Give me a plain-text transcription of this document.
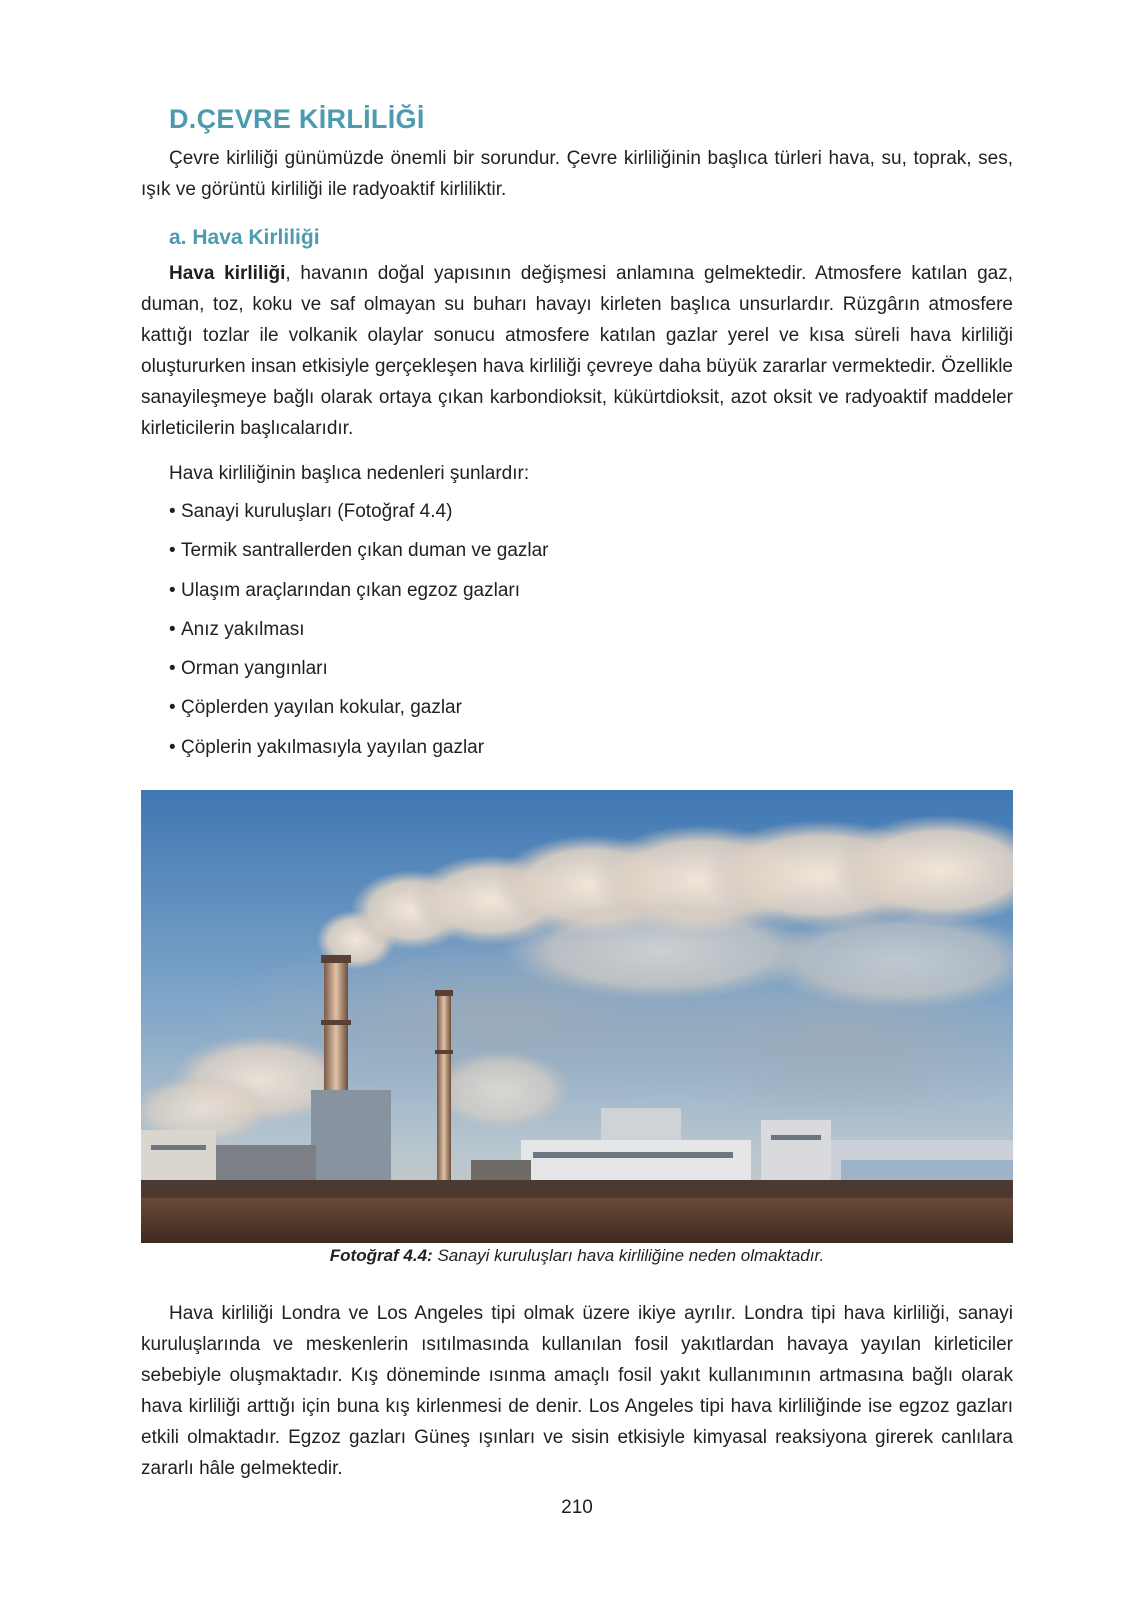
D.ÇEVRE KİRLİLİĞİ

Çevre kirliliği günümüzde önemli bir sorundur. Çevre kirliliğinin başlıca türleri hava, su, toprak, ses, ışık ve görüntü kirliliği ile radyoaktif kirliliktir.

a. Hava Kirliliği

Hava kirliliği, havanın doğal yapısının değişmesi anlamına gelmektedir. Atmosfere katılan gaz, duman, toz, koku ve saf olmayan su buharı havayı kirleten başlıca unsurlardır. Rüzgârın atmosfere kattığı tozlar ile volkanik olaylar sonucu atmosfere katılan gazlar yerel ve kısa süreli hava kirliliği oluştururken insan etkisiyle gerçekleşen hava kirliliği çevreye daha büyük zararlar vermektedir. Özellikle sanayileşmeye bağlı olarak ortaya çıkan karbondioksit, kükürtdioksit, azot oksit ve radyoaktif maddeler kirleticilerin başlıcalarıdır.

Hava kirliliğinin başlıca nedenleri şunlardır:

• Sanayi kuruluşları (Fotoğraf 4.4)
• Termik santrallerden çıkan duman ve gazlar
• Ulaşım araçlarından çıkan egzoz gazları
• Anız yakılması
• Orman yangınları
• Çöplerden yayılan kokular, gazlar
• Çöplerin yakılmasıyla yayılan gazlar

Fotoğraf 4.4: Sanayi kuruluşları hava kirliliğine neden olmaktadır.

Hava kirliliği Londra ve Los Angeles tipi olmak üzere ikiye ayrılır. Londra tipi hava kirliliği, sanayi kuruluşlarında ve meskenlerin ısıtılmasında kullanılan fosil yakıtlardan havaya yayılan kirleticiler sebebiyle oluşmaktadır. Kış döneminde ısınma amaçlı fosil yakıt kullanımının artmasına bağlı olarak hava kirliliği arttığı için buna kış kirlenmesi de denir. Los Angeles tipi hava kirliliğinde ise egzoz gazları etkili olmaktadır. Egzoz gazları Güneş ışınları ve sisin etkisiyle kimyasal reaksiyona girerek canlılara zararlı hâle gelmektedir.

210
